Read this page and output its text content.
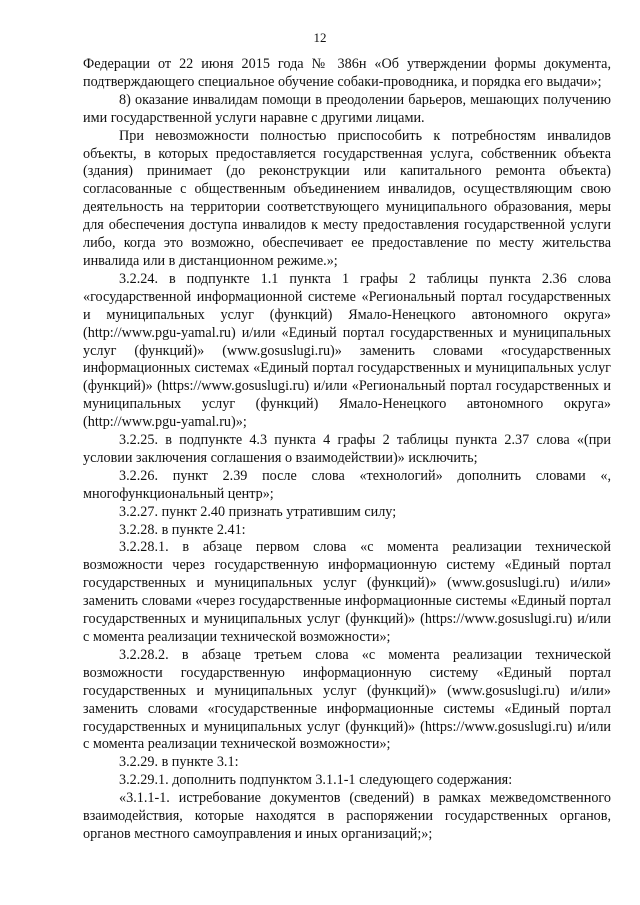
12

Федерации от 22 июня 2015 года № 386н «Об утверждении формы документа, подтверждающего специальное обучение собаки-проводника, и порядка его выдачи»;

8) оказание инвалидам помощи в преодолении барьеров, мешающих получению ими государственной услуги наравне с другими лицами.

При невозможности полностью приспособить к потребностям инвалидов объекты, в которых предоставляется государственная услуга, собственник объекта (здания) принимает (до реконструкции или капитального ремонта объекта) согласованные с общественным объединением инвалидов, осуществляющим свою деятельность на территории соответствующего муниципального образования, меры для обеспечения доступа инвалидов к месту предоставления государственной услуги либо, когда это возможно, обеспечивает ее предоставление по месту жительства инвалида или в дистанционном режиме.»;

3.2.24. в подпункте 1.1 пункта 1 графы 2 таблицы пункта 2.36 слова «государственной информационной системе «Региональный портал государственных и муниципальных услуг (функций) Ямало-Ненецкого автономного округа» (http://www.pgu-yamal.ru) и/или «Единый портал государственных и муниципальных услуг (функций)» (www.gosuslugi.ru)» заменить словами «государственных информационных системах «Единый портал государственных и муниципальных услуг (функций)» (https://www.gosuslugi.ru) и/или «Региональный портал государственных и муниципальных услуг (функций) Ямало-Ненецкого автономного округа» (http://www.pgu-yamal.ru)»;

3.2.25. в подпункте 4.3 пункта 4 графы 2 таблицы пункта 2.37 слова «(при условии заключения соглашения о взаимодействии)» исключить;

3.2.26. пункт 2.39 после слова «технологий» дополнить словами «, многофункциональный центр»;

3.2.27. пункт 2.40 признать утратившим силу;

3.2.28. в пункте 2.41:

3.2.28.1. в абзаце первом слова «с момента реализации технической возможности через государственную информационную систему «Единый портал государственных и муниципальных услуг (функций)» (www.gosuslugi.ru) и/или» заменить словами «через государственные информационные системы «Единый портал государственных и муниципальных услуг (функций)» (https://www.gosuslugi.ru) и/или с момента реализации технической возможности»;

3.2.28.2. в абзаце третьем слова «с момента реализации технической возможности государственную информационную систему «Единый портал государственных и муниципальных услуг (функций)» (www.gosuslugi.ru) и/или» заменить словами «государственные информационные системы «Единый портал государственных и муниципальных услуг (функций)» (https://www.gosuslugi.ru) и/или с момента реализации технической возможности»;

3.2.29. в пункте 3.1:

3.2.29.1. дополнить подпунктом 3.1.1-1 следующего содержания:

«3.1.1-1. истребование документов (сведений) в рамках межведомственного взаимодействия, которые находятся в распоряжении государственных органов, органов местного самоуправления и иных организаций;»;
